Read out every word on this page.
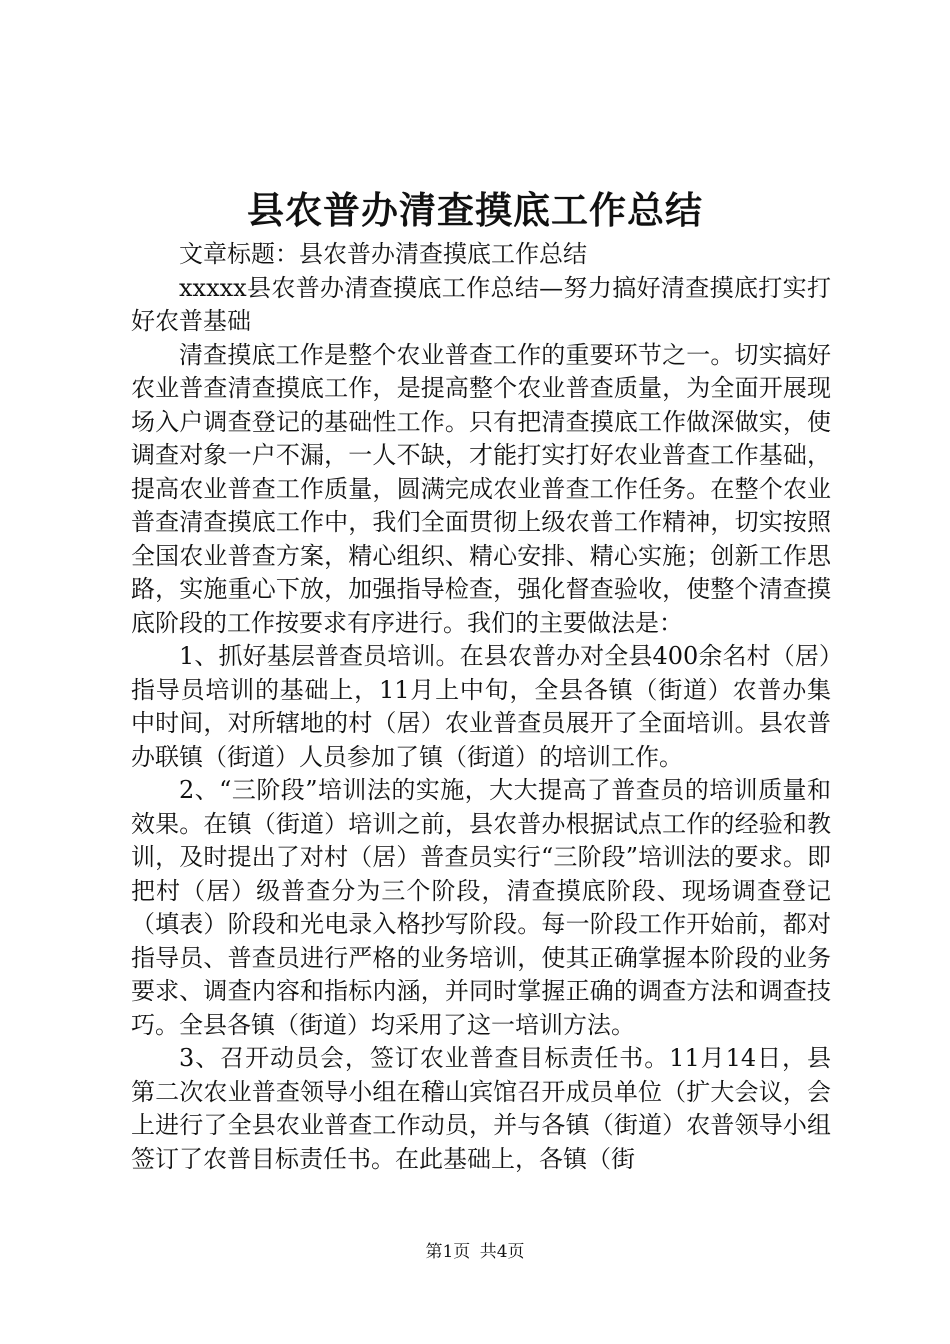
县农普办清查摸底工作总结

文章标题：县农普办清查摸底工作总结

xxxxx县农普办清查摸底工作总结—努力搞好清查摸底打实打好农普基础

清查摸底工作是整个农业普查工作的重要环节之一。切实搞好农业普查清查摸底工作，是提高整个农业普查质量，为全面开展现场入户调查登记的基础性工作。只有把清查摸底工作做深做实，使调查对象一户不漏，一人不缺，才能打实打好农业普查工作基础，提高农业普查工作质量，圆满完成农业普查工作任务。在整个农业普查清查摸底工作中，我们全面贯彻上级农普工作精神，切实按照全国农业普查方案，精心组织、精心安排、精心实施；创新工作思路，实施重心下放，加强指导检查，强化督查验收，使整个清查摸底阶段的工作按要求有序进行。我们的主要做法是：

1、抓好基层普查员培训。在县农普办对全县400余名村（居）指导员培训的基础上，11月上中旬，全县各镇（街道）农普办集中时间，对所辖地的村（居）农业普查员展开了全面培训。县农普办联镇（街道）人员参加了镇（街道）的培训工作。

2、“三阶段”培训法的实施，大大提高了普查员的培训质量和效果。在镇（街道）培训之前，县农普办根据试点工作的经验和教训，及时提出了对村（居）普查员实行“三阶段”培训法的要求。即把村（居）级普查分为三个阶段，清查摸底阶段、现场调查登记（填表）阶段和光电录入格抄写阶段。每一阶段工作开始前，都对指导员、普查员进行严格的业务培训，使其正确掌握本阶段的业务要求、调查内容和指标内涵，并同时掌握正确的调查方法和调查技巧。全县各镇（街道）均采用了这一培训方法。

3、召开动员会，签订农业普查目标责任书。11月14日，县第二次农业普查领导小组在稽山宾馆召开成员单位（扩大会议，会上进行了全县农业普查工作动员，并与各镇（街道）农普领导小组签订了农普目标责任书。在此基础上，各镇（街

第1页 共4页
